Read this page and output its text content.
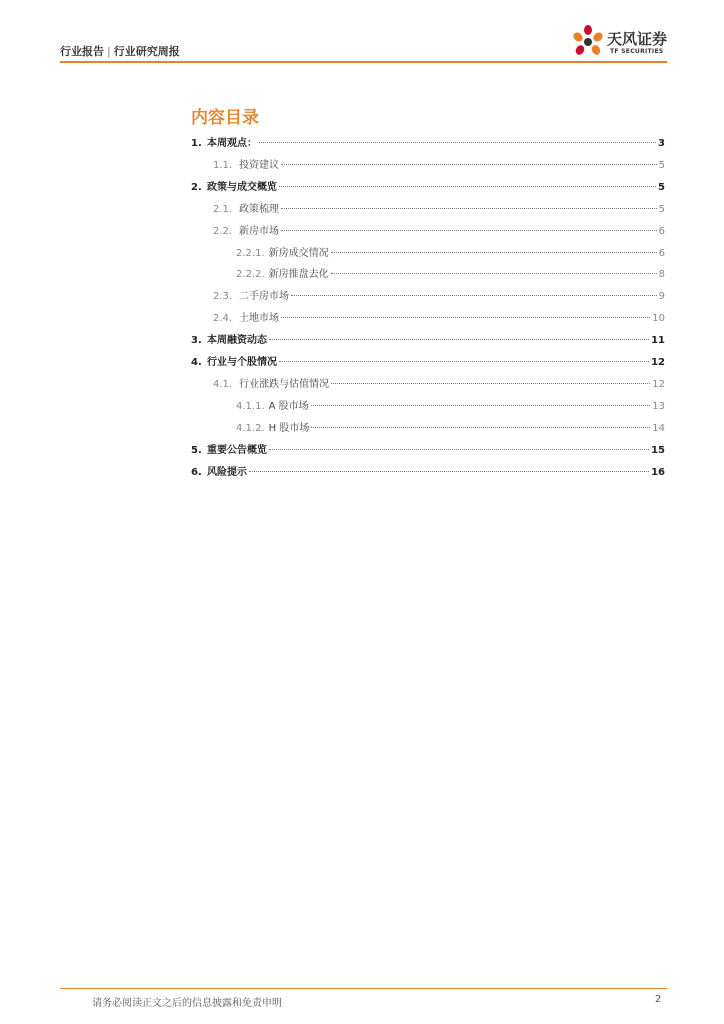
行业报告 | 行业研究周报
天风证券
TF SECURITIES
内容目录
1. 本周观点：	3
1.1. 投资建议	5
2. 政策与成交概览	5
2.1. 政策梳理	5
2.2. 新房市场	6
2.2.1. 新房成交情况	6
2.2.2. 新房推盘去化	8
2.3. 二手房市场	9
2.4. 土地市场	10
3. 本周融资动态	11
4. 行业与个股情况	12
4.1. 行业涨跌与估值情况	12
4.1.1. A 股市场	13
4.1.2. H 股市场	14
5. 重要公告概览	15
6. 风险提示	16
请务必阅读正文之后的信息披露和免责申明	2
